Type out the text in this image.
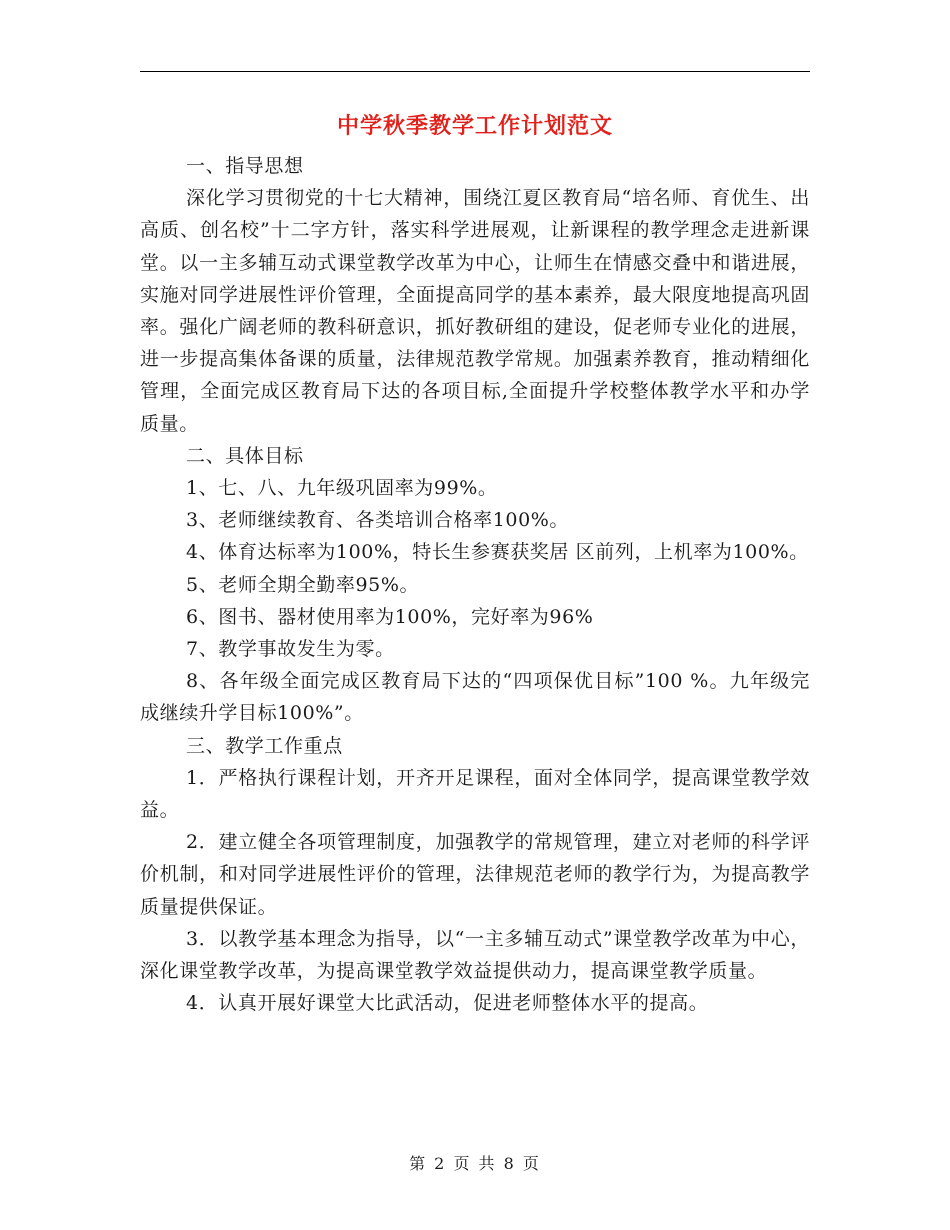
中学秋季教学工作计划范文

一、指导思想

深化学习贯彻党的十七大精神，围绕江夏区教育局“培名师、育优生、出高质、创名校”十二字方针，落实科学进展观，让新课程的教学理念走进新课堂。以一主多辅互动式课堂教学改革为中心，让师生在情感交叠中和谐进展，实施对同学进展性评价管理，全面提高同学的基本素养，最大限度地提高巩固率。强化广阔老师的教科研意识，抓好教研组的建设，促老师专业化的进展，进一步提高集体备课的质量，法律规范教学常规。加强素养教育，推动精细化管理，全面完成区教育局下达的各项目标,全面提升学校整体教学水平和办学质量。

二、具体目标

1、七、八、九年级巩固率为99%。

3、老师继续教育、各类培训合格率100%。

4、体育达标率为100%，特长生参赛获奖居 区前列，上机率为100%。

5、老师全期全勤率95%。

6、图书、器材使用率为100%，完好率为96%

7、教学事故发生为零。

8、各年级全面完成区教育局下达的“四项保优目标”100 %。九年级完成继续升学目标100%”。

三、教学工作重点

1．严格执行课程计划，开齐开足课程，面对全体同学，提高课堂教学效益。

2．建立健全各项管理制度，加强教学的常规管理，建立对老师的科学评价机制，和对同学进展性评价的管理，法律规范老师的教学行为，为提高教学质量提供保证。

3．以教学基本理念为指导，以“一主多辅互动式”课堂教学改革为中心，深化课堂教学改革，为提高课堂教学效益提供动力，提高课堂教学质量。

4．认真开展好课堂大比武活动，促进老师整体水平的提高。

第 2 页 共 8 页
